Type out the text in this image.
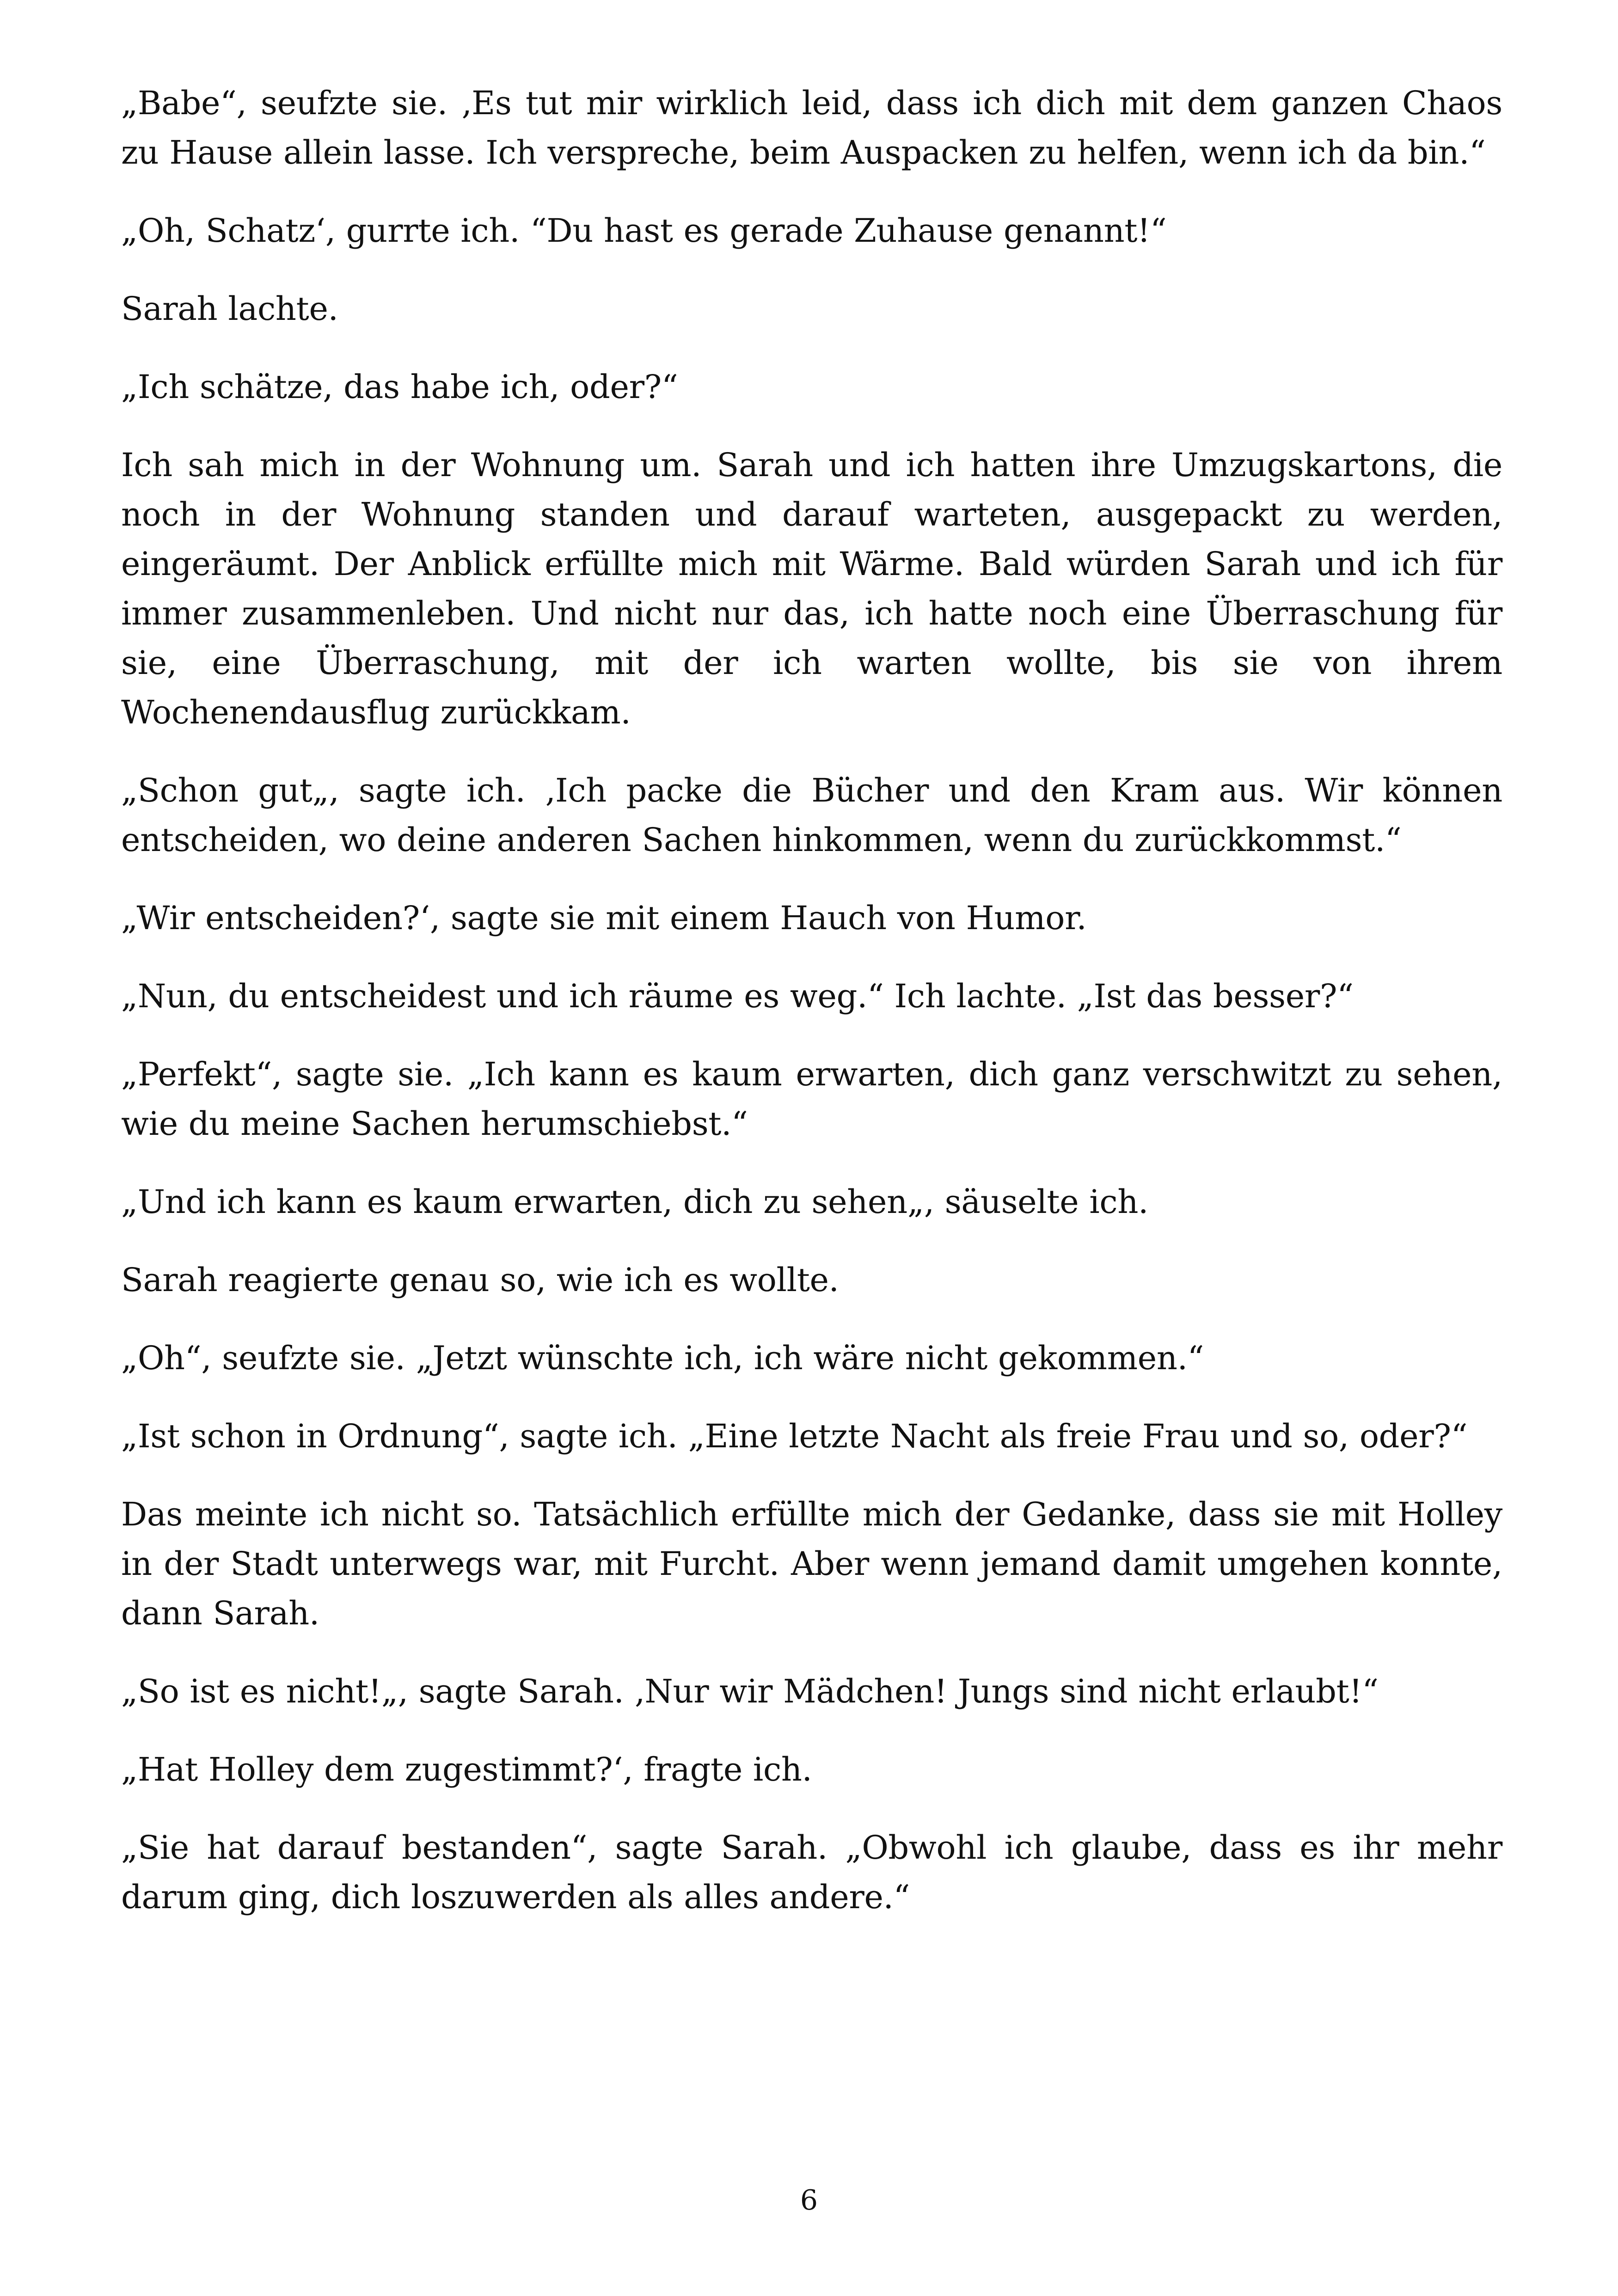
„Babe“, seufzte sie. ‚Es tut mir wirklich leid, dass ich dich mit dem ganzen Chaos zu Hause allein lasse. Ich verspreche, beim Auspacken zu helfen, wenn ich da bin.“

„Oh, Schatz‘, gurrte ich. “Du hast es gerade Zuhause genannt!“

Sarah lachte.

„Ich schätze, das habe ich, oder?“

Ich sah mich in der Wohnung um. Sarah und ich hatten ihre Umzugskartons, die noch in der Wohnung standen und darauf warteten, ausgepackt zu werden, eingeräumt. Der Anblick erfüllte mich mit Wärme. Bald würden Sarah und ich für immer zusammenleben. Und nicht nur das, ich hatte noch eine Überraschung für sie, eine Überraschung, mit der ich warten wollte, bis sie von ihrem Wochenendausflug zurückkam.

„Schon gut„, sagte ich. ‚Ich packe die Bücher und den Kram aus. Wir können entscheiden, wo deine anderen Sachen hinkommen, wenn du zurückkommst.“

„Wir entscheiden?‘, sagte sie mit einem Hauch von Humor.

„Nun, du entscheidest und ich räume es weg.“ Ich lachte. „Ist das besser?“

„Perfekt“, sagte sie. „Ich kann es kaum erwarten, dich ganz verschwitzt zu sehen, wie du meine Sachen herumschiebst.“

„Und ich kann es kaum erwarten, dich zu sehen„, säuselte ich.

Sarah reagierte genau so, wie ich es wollte.

„Oh“, seufzte sie. „Jetzt wünschte ich, ich wäre nicht gekommen.“

„Ist schon in Ordnung“, sagte ich. „Eine letzte Nacht als freie Frau und so, oder?“

Das meinte ich nicht so. Tatsächlich erfüllte mich der Gedanke, dass sie mit Holley in der Stadt unterwegs war, mit Furcht. Aber wenn jemand damit umgehen konnte, dann Sarah.

„So ist es nicht!„, sagte Sarah. ‚Nur wir Mädchen! Jungs sind nicht erlaubt!“

„Hat Holley dem zugestimmt?‘, fragte ich.

„Sie hat darauf bestanden“, sagte Sarah. „Obwohl ich glaube, dass es ihr mehr darum ging, dich loszuwerden als alles andere.“

6
